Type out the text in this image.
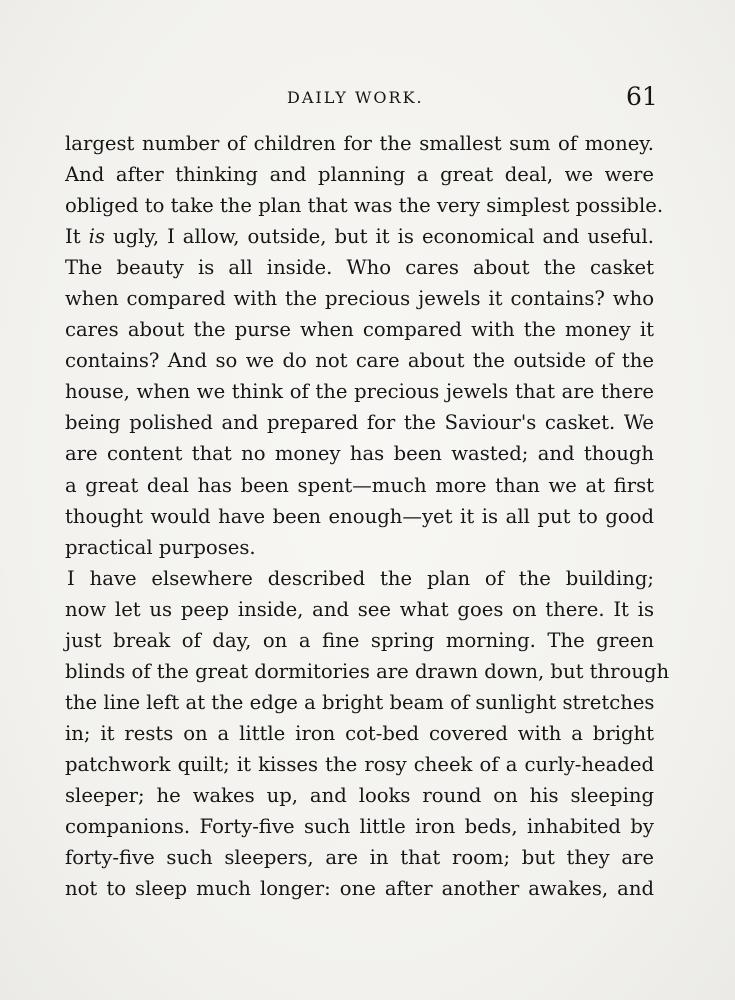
DAILY WORK.	61
largest number of children for the smallest sum of money.
And after thinking and planning a great deal, we were
obliged to take the plan that was the very simplest possible.
It is ugly, I allow, outside, but it is economical and useful.
The beauty is all inside. Who cares about the casket
when compared with the precious jewels it contains? who
cares about the purse when compared with the money it
contains? And so we do not care about the outside of the
house, when we think of the precious jewels that are there
being polished and prepared for the Saviour's casket. We
are content that no money has been wasted; and though
a great deal has been spent—much more than we at first
thought would have been enough—yet it is all put to good
practical purposes.
I have elsewhere described the plan of the building;
now let us peep inside, and see what goes on there. It is
just break of day, on a fine spring morning. The green
blinds of the great dormitories are drawn down, but through
the line left at the edge a bright beam of sunlight stretches
in; it rests on a little iron cot-bed covered with a bright
patchwork quilt; it kisses the rosy cheek of a curly-headed
sleeper; he wakes up, and looks round on his sleeping
companions. Forty-five such little iron beds, inhabited by
forty-five such sleepers, are in that room; but they are
not to sleep much longer: one after another awakes, and
